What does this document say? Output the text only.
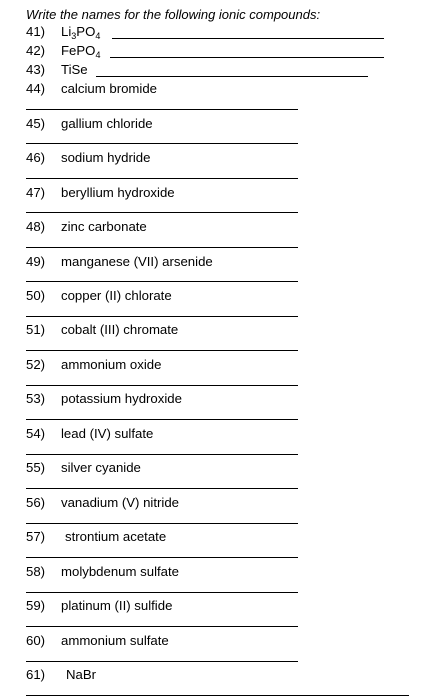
Write the names for the following ionic compounds:
41) $Li_3PO_4$
42) FePO$_4$
43) TiSe
44) calcium bromide
45) gallium chloride
46) sodium hydride
47) beryllium hydroxide
48) zinc carbonate
49) manganese (VII) arsenide
50) copper (II) chlorate
51) cobalt (III) chromate
52) ammonium oxide
53) potassium hydroxide
54) lead (IV) sulfate
55) silver cyanide
56) vanadium (V) nitride
57) strontium acetate
58) molybdenum sulfate
59) platinum (II) sulfide
60) ammonium sulfate
61) NaBr
